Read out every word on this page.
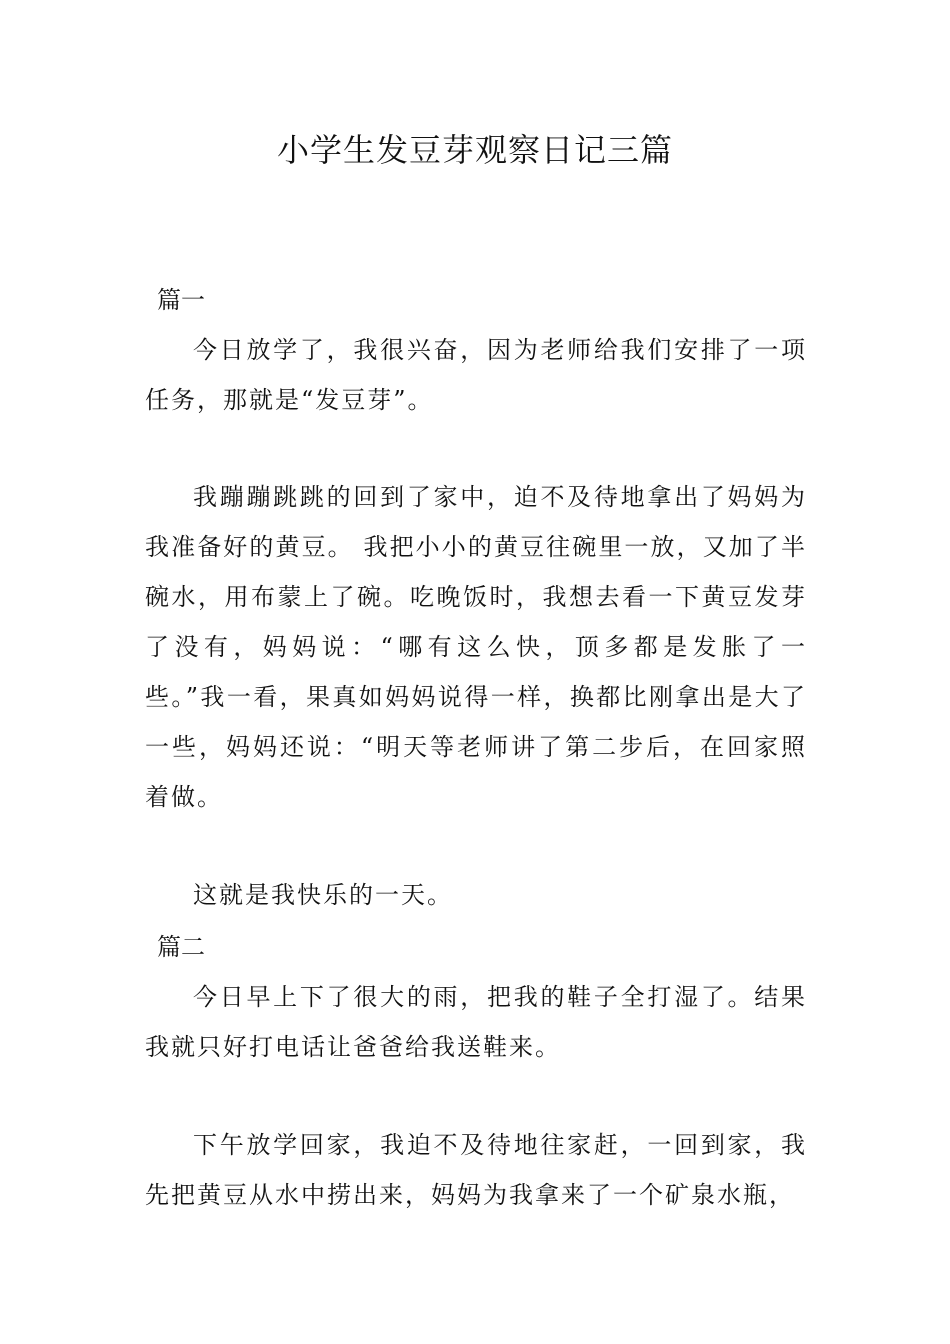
小学生发豆芽观察日记三篇
篇一

今日放学了，我很兴奋，因为老师给我们安排了一项任务，那就是“发豆芽”。

我蹦蹦跳跳的回到了家中，迫不及待地拿出了妈妈为我准备好的黄豆。 我把小小的黄豆往碗里一放，又加了半碗水，用布蒙上了碗。吃晚饭时，我想去看一下黄豆发芽了没有，妈妈说：“哪有这么快，顶多都是发胀了一些。”我一看，果真如妈妈说得一样，换都比刚拿出是大了一些，妈妈还说：“明天等老师讲了第二步后，在回家照着做。

这就是我快乐的一天。

篇二

今日早上下了很大的雨，把我的鞋子全打湿了。结果我就只好打电话让爸爸给我送鞋来。

下午放学回家，我迫不及待地往家赶，一回到家，我先把黄豆从水中捞出来，妈妈为我拿来了一个矿泉水瓶，
